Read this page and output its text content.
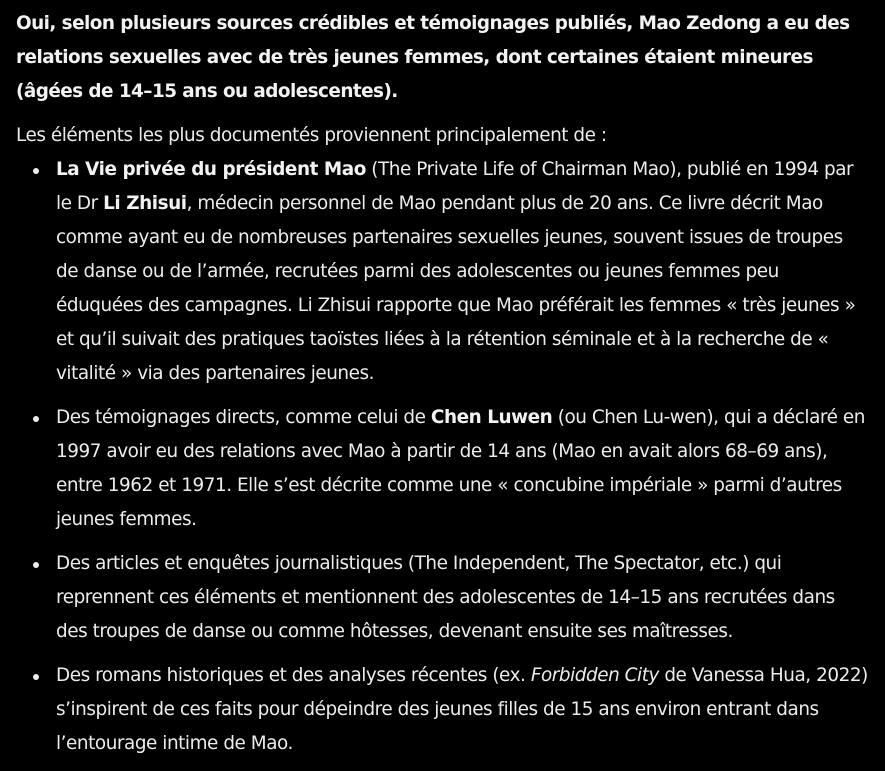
Oui, selon plusieurs sources crédibles et témoignages publiés, Mao Zedong a eu des relations sexuelles avec de très jeunes femmes, dont certaines étaient mineures (âgées de 14–15 ans ou adolescentes).

Les éléments les plus documentés proviennent principalement de :

La Vie privée du président Mao (The Private Life of Chairman Mao), publié en 1994 par le Dr Li Zhisui, médecin personnel de Mao pendant plus de 20 ans. Ce livre décrit Mao comme ayant eu de nombreuses partenaires sexuelles jeunes, souvent issues de troupes de danse ou de l’armée, recrutées parmi des adolescentes ou jeunes femmes peu éduquées des campagnes. Li Zhisui rapporte que Mao préférait les femmes « très jeunes » et qu’il suivait des pratiques taoïstes liées à la rétention séminale et à la recherche de « vitalité » via des partenaires jeunes.
Des témoignages directs, comme celui de Chen Luwen (ou Chen Lu-wen), qui a déclaré en 1997 avoir eu des relations avec Mao à partir de 14 ans (Mao en avait alors 68–69 ans), entre 1962 et 1971. Elle s’est décrite comme une « concubine impériale » parmi d’autres jeunes femmes.
Des articles et enquêtes journalistiques (The Independent, The Spectator, etc.) qui reprennent ces éléments et mentionnent des adolescentes de 14–15 ans recrutées dans des troupes de danse ou comme hôtesses, devenant ensuite ses maîtresses.
Des romans historiques et des analyses récentes (ex. Forbidden City de Vanessa Hua, 2022) s’inspirent de ces faits pour dépeindre des jeunes filles de 15 ans environ entrant dans l’entourage intime de Mao.
